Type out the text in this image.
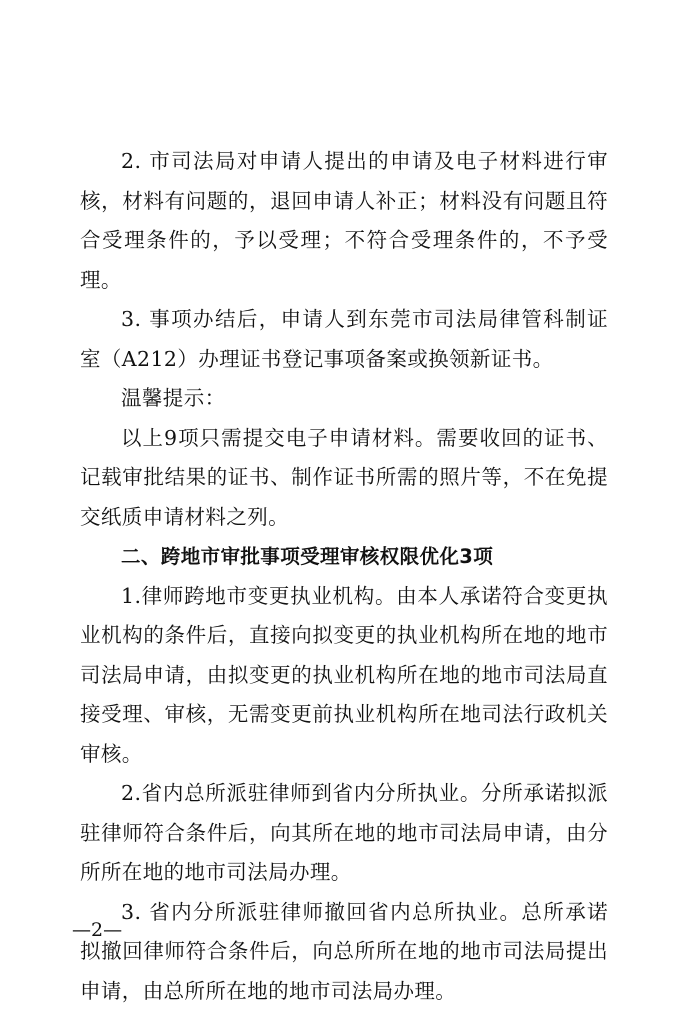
2. 市司法局对申请人提出的申请及电子材料进行审核，材料有问题的，退回申请人补正；材料没有问题且符合受理条件的，予以受理；不符合受理条件的，不予受理。

3. 事项办结后，申请人到东莞市司法局律管科制证室（A212）办理证书登记事项备案或换领新证书。

温馨提示：

以上9项只需提交电子申请材料。需要收回的证书、记载审批结果的证书、制作证书所需的照片等，不在免提交纸质申请材料之列。

二、跨地市审批事项受理审核权限优化3项

1.律师跨地市变更执业机构。由本人承诺符合变更执业机构的条件后，直接向拟变更的执业机构所在地的地市司法局申请，由拟变更的执业机构所在地的地市司法局直接受理、审核，无需变更前执业机构所在地司法行政机关审核。

2.省内总所派驻律师到省内分所执业。分所承诺拟派驻律师符合条件后，向其所在地的地市司法局申请，由分所所在地的地市司法局办理。

3. 省内分所派驻律师撤回省内总所执业。总所承诺拟撤回律师符合条件后，向总所所在地的地市司法局提出申请，由总所所在地的地市司法局办理。

—2—
